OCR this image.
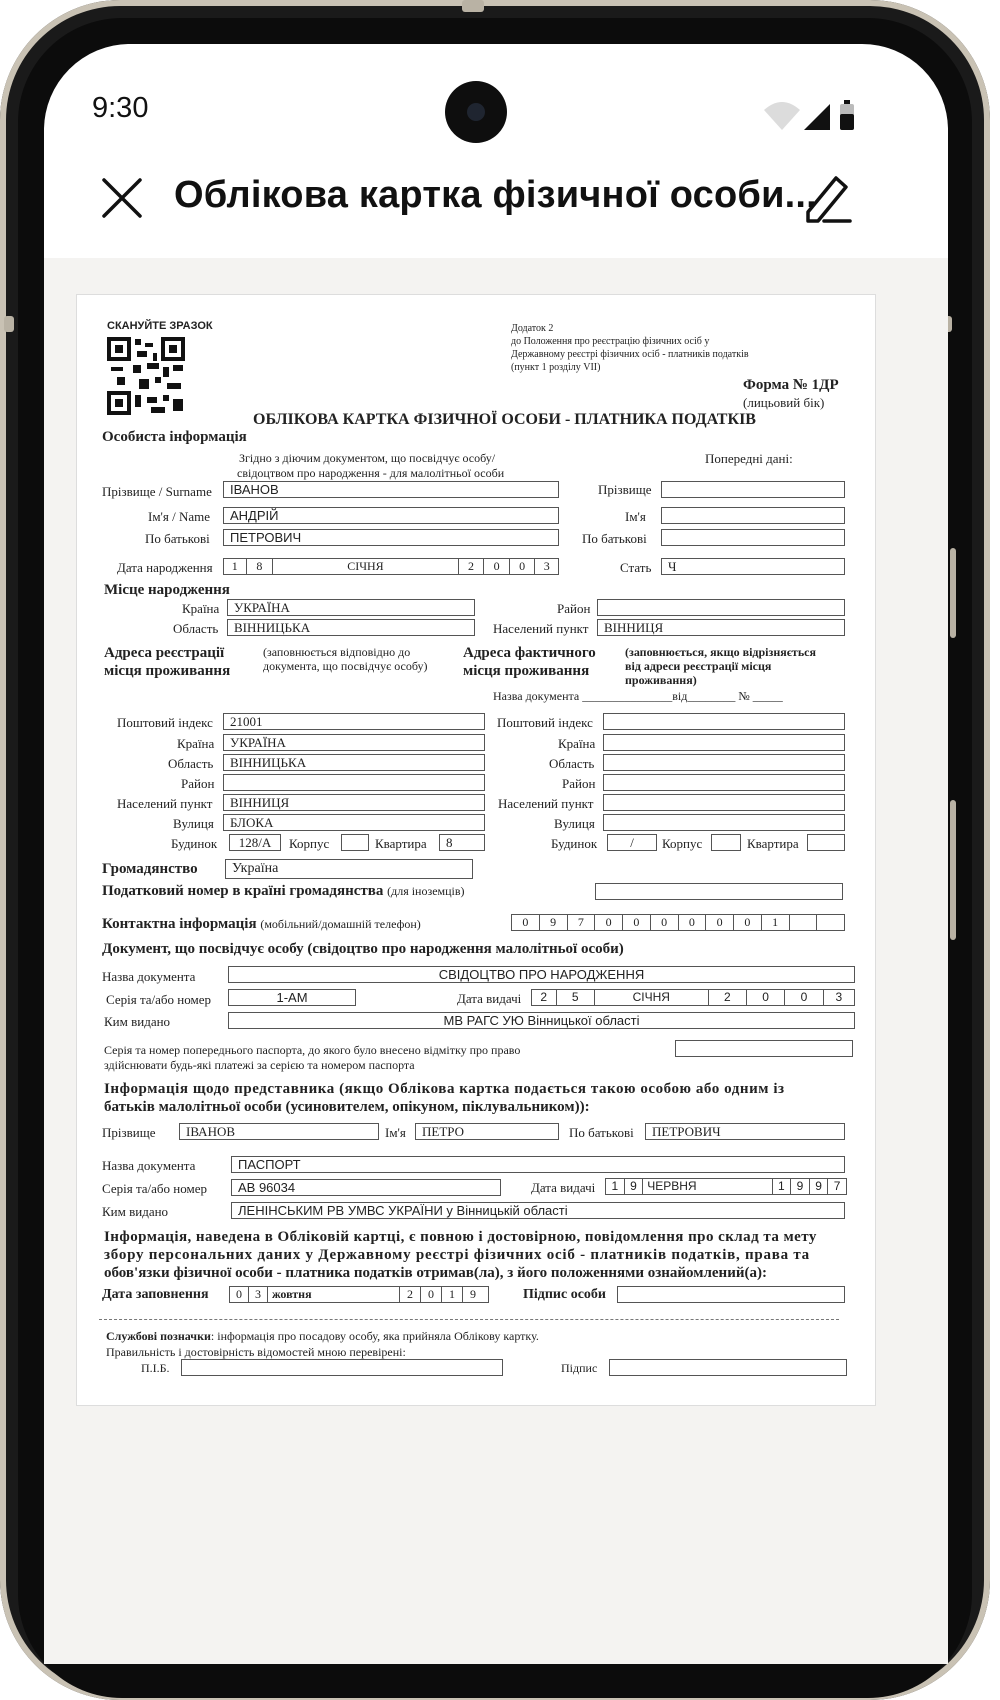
9:30
Облікова картка фізичної особи...
СКАНУЙТЕ ЗРАЗОК	Додаток 2
до Положення про реєстрацію фізичних осіб у
Державному реєстрі фізичних осіб - платників податків
(пункт 1 розділу VII)
Форма № 1ДР
(лицьовий бік)
ОБЛІКОВА КАРТКА ФІЗИЧНОЇ ОСОБИ - ПЛАТНИКА ПОДАТКІВ
Особиста інформація
Згідно з діючим документом, що посвідчує особу/
свідоцтвом про народження - для малолітньої особи
Попередні дані:
Прізвище / Surname	ІВАНОВ	Прізвище
Ім'я / Name	АНДРІЙ	Ім'я
По батькові	ПЕТРОВИЧ	По батькові
Дата народження	1	8	СІЧНЯ	2	0	0	3	Стать	Ч
Місце народження
Країна	УКРАЇНА	Район
Область	ВІННИЦЬКА	Населений пункт	ВІННИЦЯ
Адреса реєстрації
місця проживання
(заповнюється відповідно до
документа, що посвідчує особу)
Адреса фактичного
місця проживання
(заповнюється, якщо відрізняється
від адреси реєстрації місця
проживання)
Назва документа _______________від________ № _____
Поштовий індекс	21001	Поштовий індекс
Країна	УКРАЇНА	Країна
Область	ВІННИЦЬКА	Область
Район	Район
Населений пункт	ВІННИЦЯ	Населений пункт
Вулиця	БЛОКА	Вулиця
Будинок	128/А	Корпус	Квартира	8	Будинок	/	Корпус	Квартира
Громадянство	Україна
Податковий номер в країні громадянства (для іноземців)
Контактна інформація (мобільний/домашній телефон)	0	9	7	0	0	0	0	0	0	1
Документ, що посвідчує особу (свідоцтво про народження малолітньої особи)
Назва документа	СВІДОЦТВО ПРО НАРОДЖЕННЯ
Серія та/або номер	1-АМ	Дата видачі	2	5	СІЧНЯ	2	0	0	3
Ким видано	МВ РАГС УЮ Вінницької області
Серія та номер попереднього паспорта, до якого було внесено відмітку про право
здійснювати будь-які платежі за серією та номером паспорта
Інформація щодо представника (якщо Облікова картка подається такою особою або одним із
батьків малолітньої особи (усиновителем, опікуном, піклувальником)):
Прізвище	ІВАНОВ	Ім'я	ПЕТРО	По батькові	ПЕТРОВИЧ
Назва документа	ПАСПОРТ
Серія та/або номер	АВ 96034	Дата видачі	1 9 ЧЕРВНЯ	1 9 9 7
Ким видано	ЛЕНІНСЬКИМ РВ УМВС УКРАЇНИ у Вінницькій області
Інформація, наведена в Обліковій картці, є повною і достовірною, повідомлення про склад та мету
збору персональних даних у Державному реєстрі фізичних осіб - платників податків, права та
обов'язки фізичної особи - платника податків отримав(ла), з його положеннями ознайомлений(а):
Дата заповнення	0	3 жовтня	2	0	1	9	Підпис особи
Службові позначки: інформація про посадову особу, яка прийняла Облікову картку.
Правильність і достовірність відомостей мною перевірені:
П.І.Б.	Підпис
